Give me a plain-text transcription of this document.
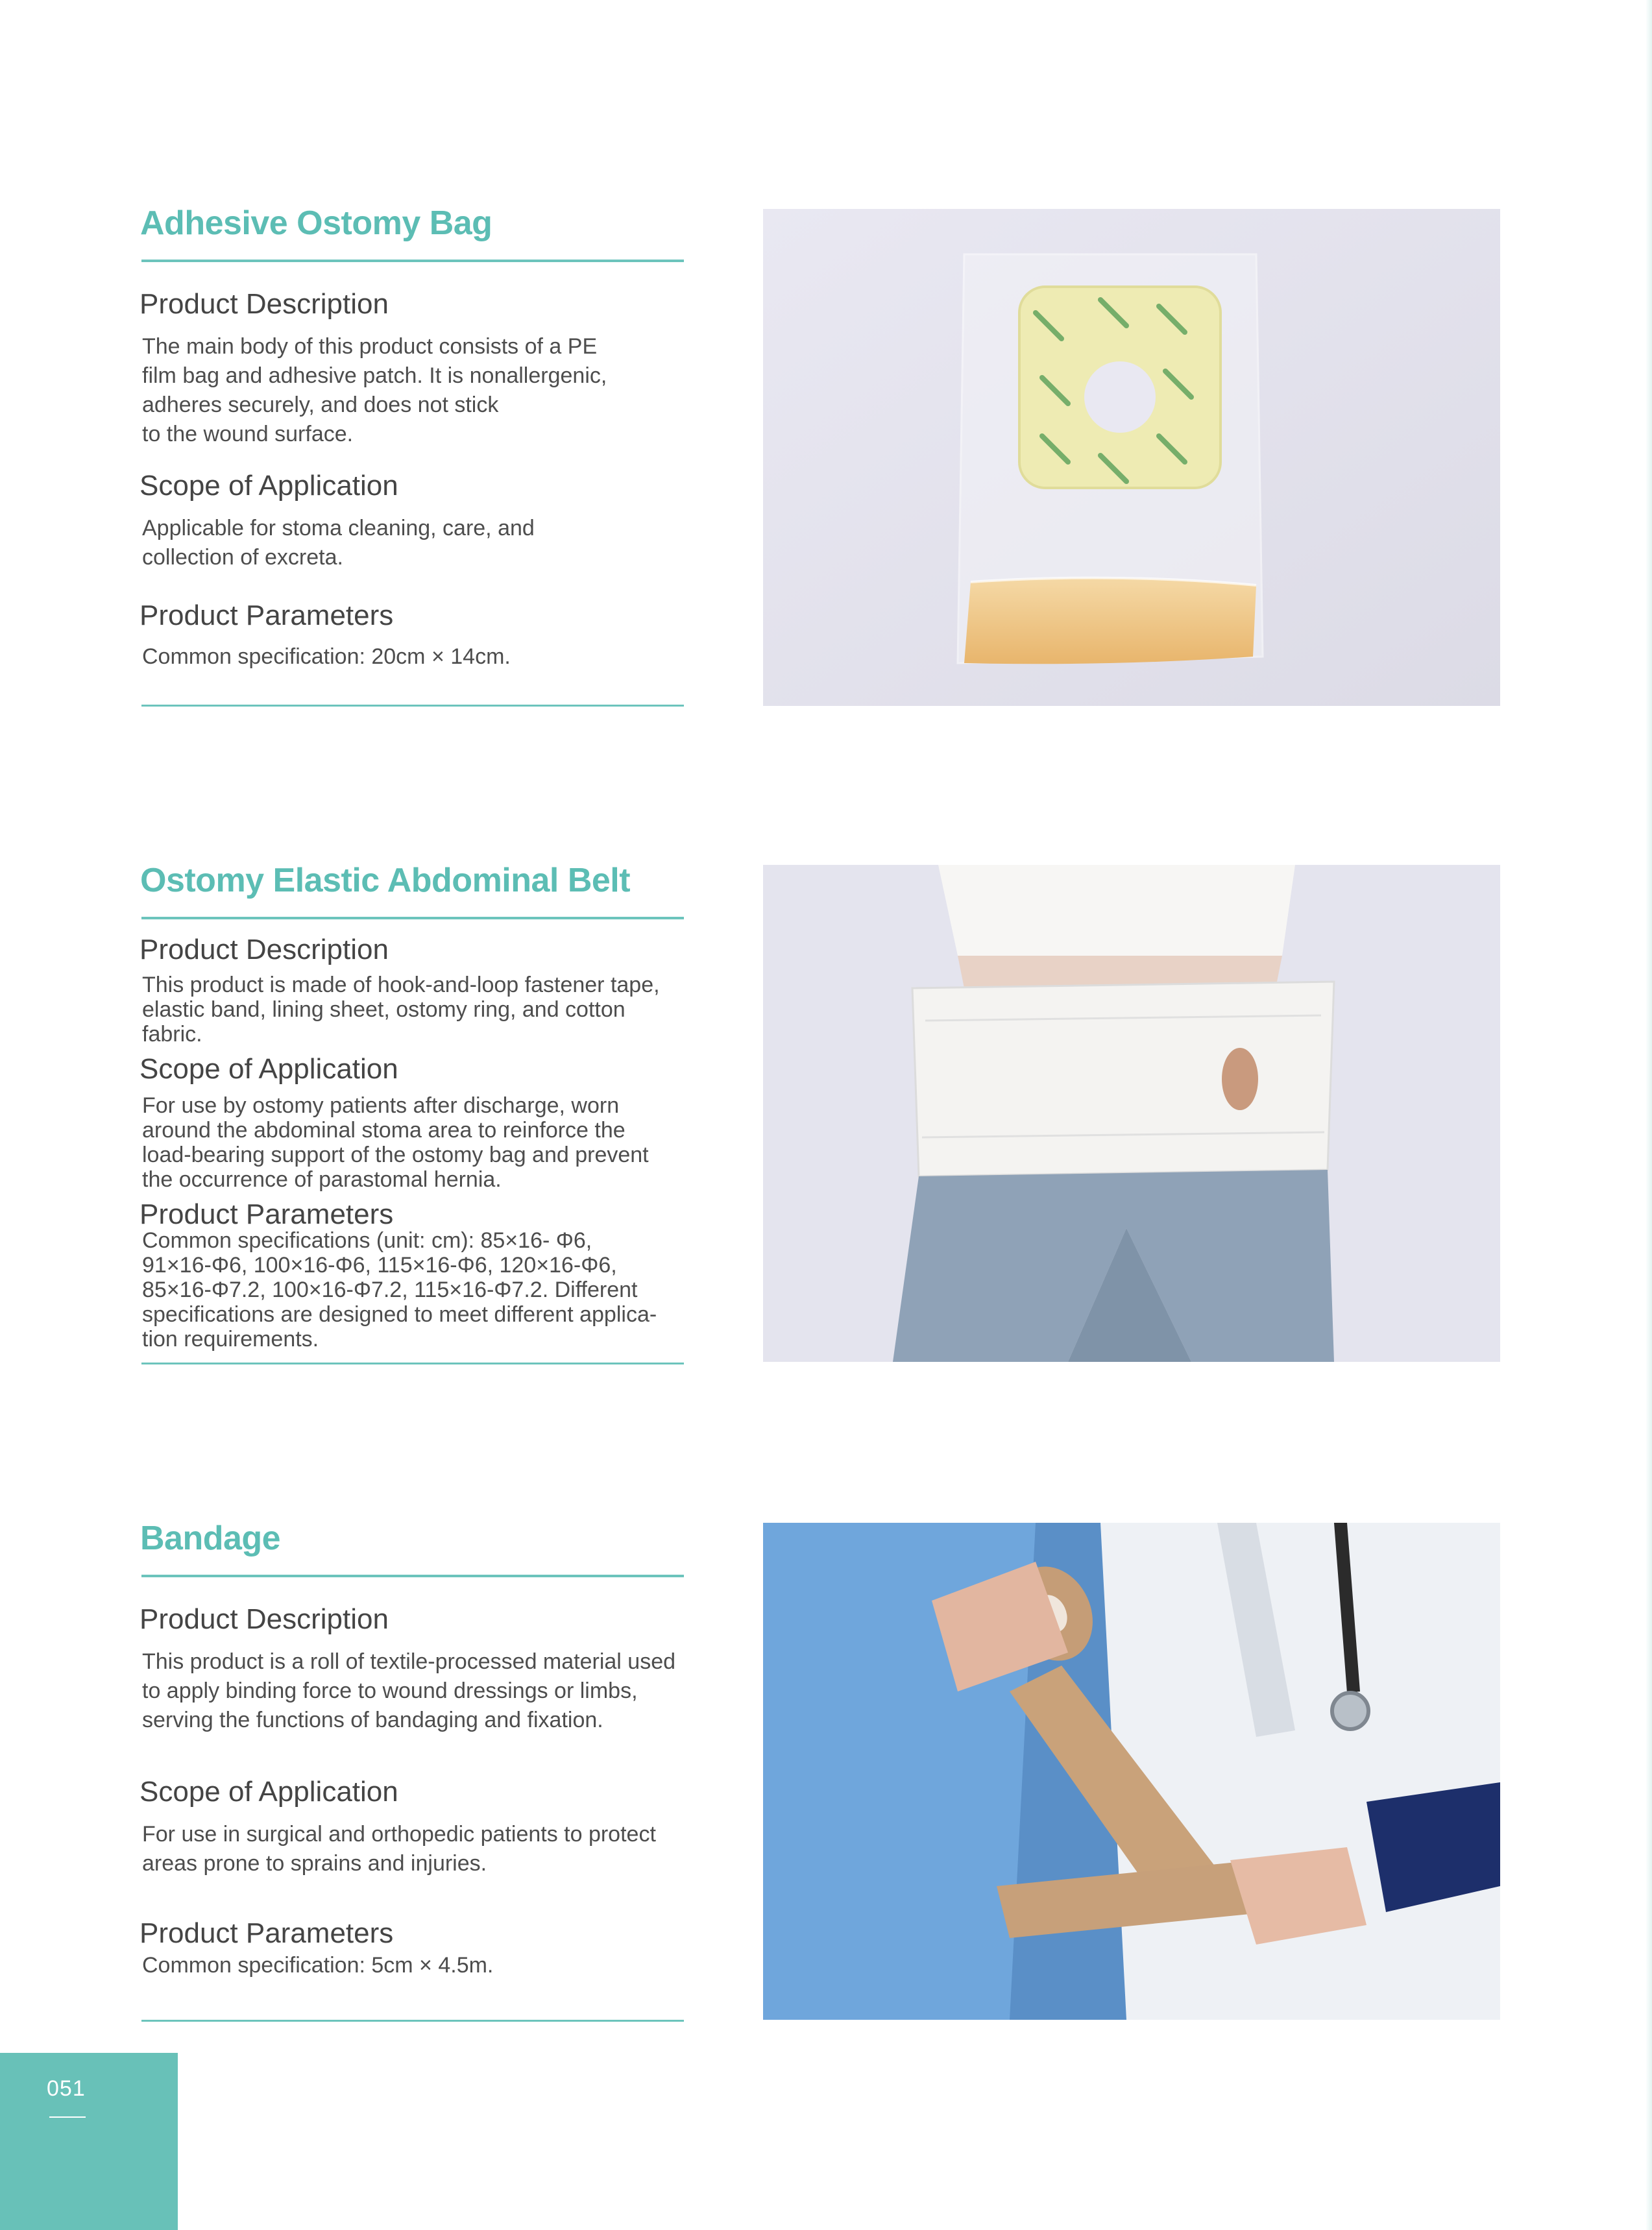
Adhesive Ostomy Bag
Product Description

The main body of this product consists of a PE
film bag and adhesive patch. It is nonallergenic,
adheres securely, and does not stick
to the wound surface.

Scope of Application

Applicable for stoma cleaning, care, and
collection of excreta.

Product Parameters

Common specification: 20cm × 14cm.

Ostomy Elastic Abdominal Belt
Product Description

This product is made of hook-and-loop fastener tape,
elastic band, lining sheet, ostomy ring, and cotton
fabric.

Scope of Application

For use by ostomy patients after discharge, worn
around the abdominal stoma area to reinforce the
load-bearing support of the ostomy bag and prevent
the occurrence of parastomal hernia.

Product Parameters

Common specifications (unit: cm): 85×16- Φ6,
91×16-Φ6, 100×16-Φ6, 115×16-Φ6, 120×16-Φ6,
85×16-Φ7.2, 100×16-Φ7.2, 115×16-Φ7.2. Different
specifications are designed to meet different applica-
tion requirements.

Bandage
Product Description

This product is a roll of textile-processed material used
to apply binding force to wound dressings or limbs,
serving the functions of bandaging and fixation.

Scope of Application

For use in surgical and orthopedic patients to protect
areas prone to sprains and injuries.

Product Parameters

Common specification: 5cm × 4.5m.

051
